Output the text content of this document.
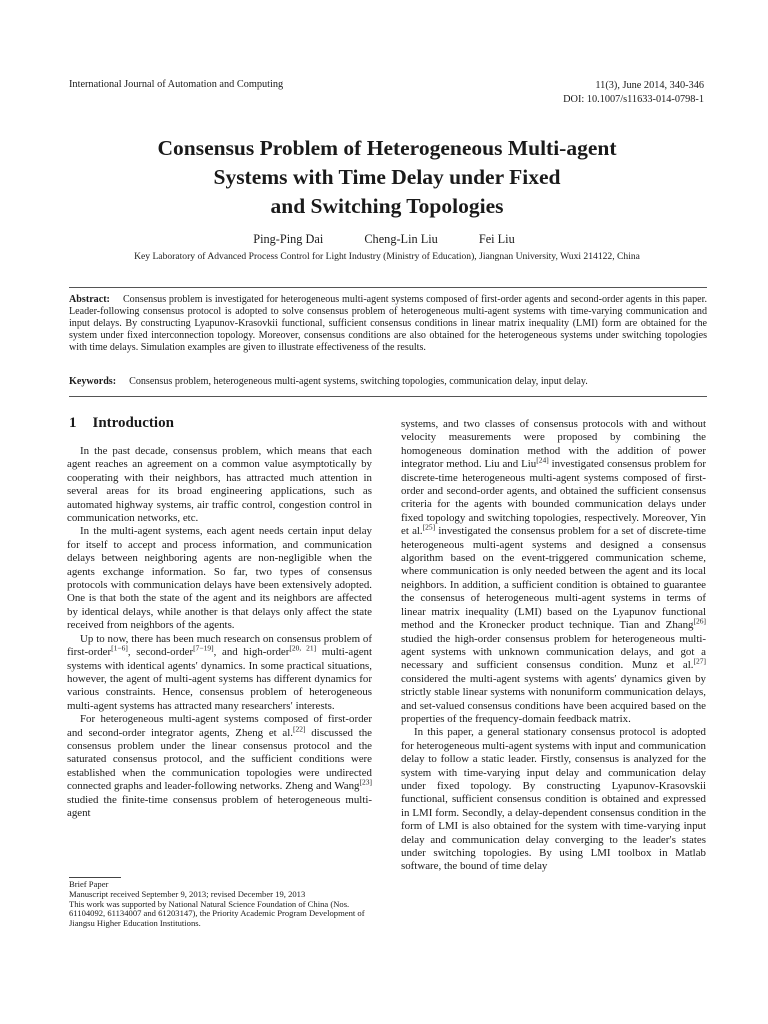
International Journal of Automation and Computing	11(3), June 2014, 340-346
DOI: 10.1007/s11633-014-0798-1
Consensus Problem of Heterogeneous Multi-agent
Systems with Time Delay under Fixed
and Switching Topologies
Ping-Ping Dai	Cheng-Lin Liu	Fei Liu
Key Laboratory of Advanced Process Control for Light Industry (Ministry of Education), Jiangnan University, Wuxi 214122, China
Abstract: Consensus problem is investigated for heterogeneous multi-agent systems composed of first-order agents and second-order agents in this paper. Leader-following consensus protocol is adopted to solve consensus problem of heterogeneous multi-agent systems with time-varying communication and input delays. By constructing Lyapunov-Krasovkii functional, sufficient consensus conditions in linear matrix inequality (LMI) form are obtained for the system under fixed interconnection topology. Moreover, consensus conditions are also obtained for the heterogeneous systems under switching topologies with time delays. Simulation examples are given to illustrate effectiveness of the results.
Keywords: Consensus problem, heterogeneous multi-agent systems, switching topologies, communication delay, input delay.
1 Introduction

In the past decade, consensus problem, which means that each agent reaches an agreement on a common value asymptotically by cooperating with their neighbors, has attracted much attention in several areas for its broad engineering applications, such as automated highway systems, air traffic control, congestion control in communication networks, etc.

In the multi-agent systems, each agent needs certain input delay for itself to accept and process information, and communication delays between neighboring agents are non-negligible when the agents exchange information. So far, two types of consensus protocols with communication delays have been extensively adopted. One is that both the state of the agent and its neighbors are affected by identical delays, while another is that delays only affect the state received from neighbors of the agents.

Up to now, there has been much research on consensus problem of first-order[1−6], second-order[7−19], and high-order[20, 21] multi-agent systems with identical agents′ dynamics. In some practical situations, however, the agent of multi-agent systems has different dynamics for various constraints. Hence, consensus problem of heterogeneous multi-agent systems has attracted many researchers′ interests.

For heterogeneous multi-agent systems composed of first-order and second-order integrator agents, Zheng et al.[22] discussed the consensus problem under the linear consensus protocol and the saturated consensus protocol, and the sufficient conditions were established when the communication topologies were undirected connected graphs and leader-following networks. Zheng and Wang[23] studied the finite-time consensus problem of heterogeneous multi-agent

Brief Paper
Manuscript received September 9, 2013; revised December 19, 2013
This work was supported by National Natural Science Foundation of China (Nos. 61104092, 61134007 and 61203147), the Priority Academic Program Development of Jiangsu Higher Education Institutions.

systems, and two classes of consensus protocols with and without velocity measurements were proposed by combining the homogeneous domination method with the addition of power integrator method. Liu and Liu[24] investigated consensus problem for discrete-time heterogeneous multi-agent systems composed of first-order and second-order agents, and obtained the sufficient consensus criteria for the agents with bounded communication delays under fixed topology and switching topologies, respectively. Moreover, Yin et al.[25] investigated the consensus problem for a set of discrete-time heterogeneous multi-agent systems and designed a consensus algorithm based on the event-triggered communication scheme, where communication is only needed between the agent and its local neighbors. In addition, a sufficient condition is obtained to guarantee the consensus of heterogeneous multi-agent systems in terms of linear matrix inequality (LMI) based on the Lyapunov functional method and the Kronecker product technique. Tian and Zhang[26] studied the high-order consensus problem for heterogeneous multi-agent systems with unknown communication delays, and got a necessary and sufficient consensus condition. Munz et al.[27] considered the multi-agent systems with agents′ dynamics given by strictly stable linear systems with nonuniform communication delays, and set-valued consensus conditions have been acquired based on the properties of the frequency-domain feedback matrix.

In this paper, a general stationary consensus protocol is adopted for heterogeneous multi-agent systems with input and communication delay to follow a static leader. Firstly, consensus is analyzed for the system with time-varying input delay and communication delay under fixed topology. By constructing Lyapunov-Krasovskii functional, sufficient consensus condition is obtained and expressed in LMI form. Secondly, a delay-dependent consensus condition in the form of LMI is also obtained for the system with time-varying input delay and communication delay converging to the leader′s states under switching topologies. By using LMI toolbox in Matlab software, the bound of time delay
